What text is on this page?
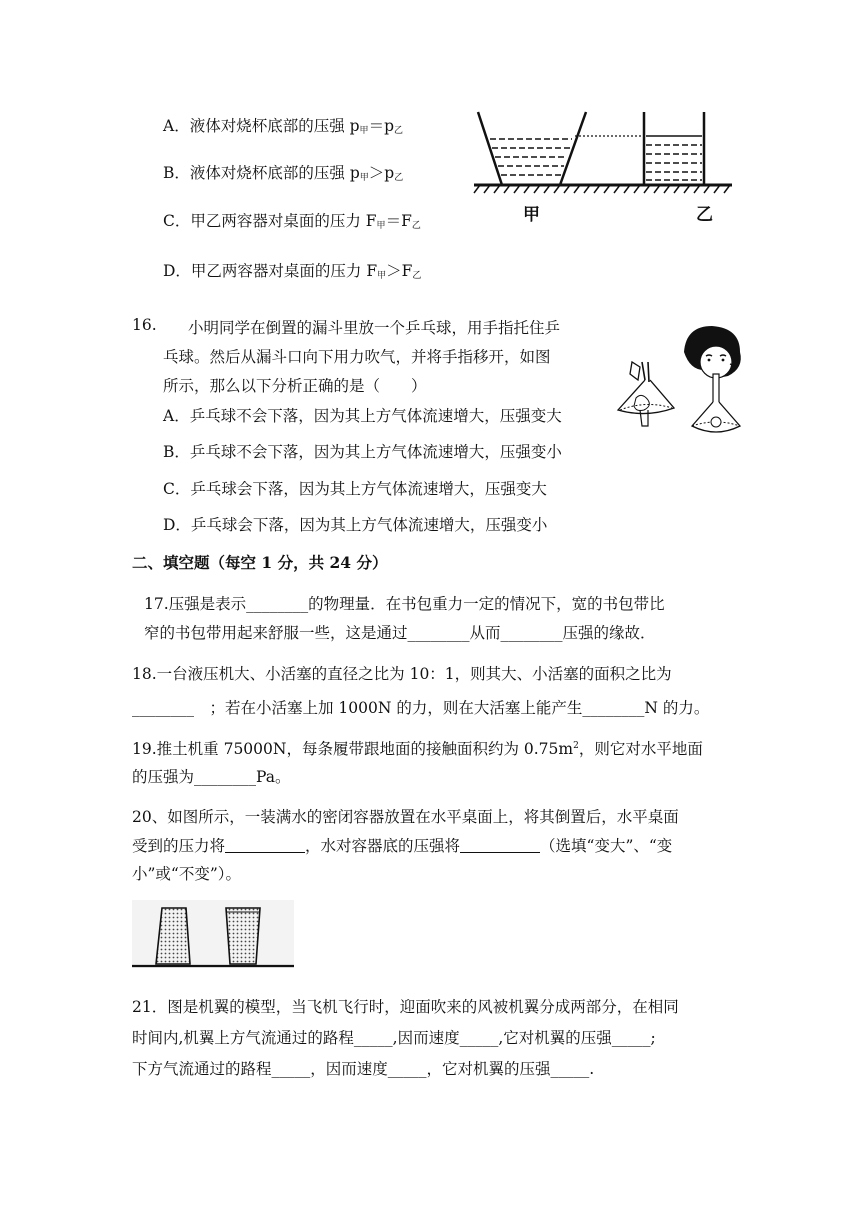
A．液体对烧杯底部的压强 $p_甲=p_乙$
B．液体对烧杯底部的压强 $p_甲>p_乙$
C．甲乙两容器对桌面的压力 $F_甲=F_乙$
D．甲乙两容器对桌面的压力 $F_甲>F_乙$
甲	乙
16. 小明同学在倒置的漏斗里放一个乒乓球，用手指托住乒
乓球。然后从漏斗口向下用力吹气，并将手指移开，如图
所示，那么以下分析正确的是（　　）
A．乒乓球不会下落，因为其上方气体流速增大，压强变大
B．乒乓球不会下落，因为其上方气体流速增大，压强变小
C．乒乓球会下落，因为其上方气体流速增大，压强变大
D．乒乓球会下落，因为其上方气体流速增大，压强变小
二、填空题（每空 1 分，共 24 分）
17.压强是表示________的物理量．在书包重力一定的情况下，宽的书包带比
窄的书包带用起来舒服一些，这是通过________从而________压强的缘故．
18.一台液压机大、小活塞的直径之比为 10：1，则其大、小活塞的面积之比为
________　；若在小活塞上加 1000N 的力，则在大活塞上能产生________N 的力。
19.推土机重 75000N，每条履带跟地面的接触面积约为 $0.75m^2$，则它对水平地面
的压强为________Pa。
20、如图所示，一装满水的密闭容器放置在水平桌面上，将其倒置后，水平桌面
受到的压力将	，水对容器底的压强将	（选填“变大”、“变
小”或“不变”）。
21．图是机翼的模型，当飞机飞行时，迎面吹来的风被机翼分成两部分，在相同
时间内,机翼上方气流通过的路程_____,因而速度_____,它对机翼的压强_____;
下方气流通过的路程_____，因而速度_____，它对机翼的压强_____.
